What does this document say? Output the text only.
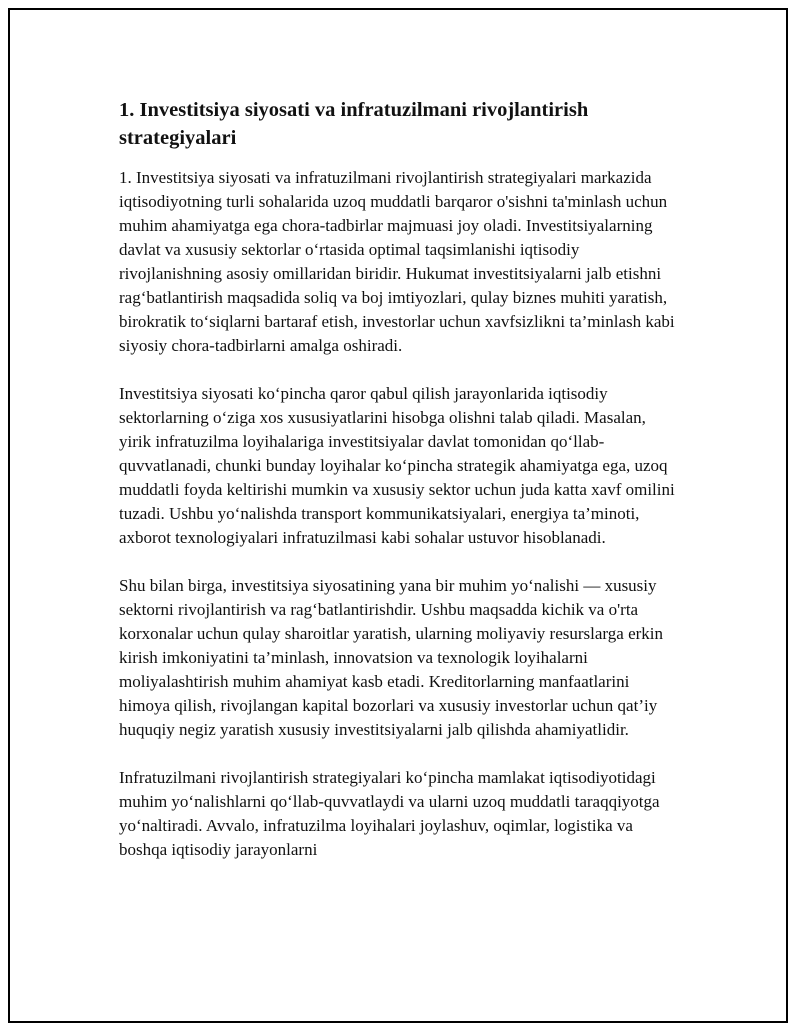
1. Investitsiya siyosati va infratuzilmani rivojlantirish strategiyalari

1. Investitsiya siyosati va infratuzilmani rivojlantirish strategiyalari markazida iqtisodiyotning turli sohalarida uzoq muddatli barqaror o'sishni ta'minlash uchun muhim ahamiyatga ega chora-tadbirlar majmuasi joy oladi. Investitsiyalarning davlat va xususiy sektorlar o‘rtasida optimal taqsimlanishi iqtisodiy rivojlanishning asosiy omillaridan biridir. Hukumat investitsiyalarni jalb etishni rag‘batlantirish maqsadida soliq va boj imtiyozlari, qulay biznes muhiti yaratish, birokratik to‘siqlarni bartaraf etish, investorlar uchun xavfsizlikni ta’minlash kabi siyosiy chora-tadbirlarni amalga oshiradi.

Investitsiya siyosati ko‘pincha qaror qabul qilish jarayonlarida iqtisodiy sektorlarning o‘ziga xos xususiyatlarini hisobga olishni talab qiladi. Masalan, yirik infratuzilma loyihalariga investitsiyalar davlat tomonidan qo‘llab-quvvatlanadi, chunki bunday loyihalar ko‘pincha strategik ahamiyatga ega, uzoq muddatli foyda keltirishi mumkin va xususiy sektor uchun juda katta xavf omilini tuzadi. Ushbu yo‘nalishda transport kommunikatsiyalari, energiya ta’minoti, axborot texnologiyalari infratuzilmasi kabi sohalar ustuvor hisoblanadi.

Shu bilan birga, investitsiya siyosatining yana bir muhim yo‘nalishi — xususiy sektorni rivojlantirish va rag‘batlantirishdir. Ushbu maqsadda kichik va o'rta korxonalar uchun qulay sharoitlar yaratish, ularning moliyaviy resurslarga erkin kirish imkoniyatini ta’minlash, innovatsion va texnologik loyihalarni moliyalashtirish muhim ahamiyat kasb etadi. Kreditorlarning manfaatlarini himoya qilish, rivojlangan kapital bozorlari va xususiy investorlar uchun qat’iy huquqiy negiz yaratish xususiy investitsiyalarni jalb qilishda ahamiyatlidir.

Infratuzilmani rivojlantirish strategiyalari ko‘pincha mamlakat iqtisodiyotidagi muhim yo‘nalishlarni qo‘llab-quvvatlaydi va ularni uzoq muddatli taraqqiyotga yo‘naltiradi. Avvalo, infratuzilma loyihalari joylashuv, oqimlar, logistika va boshqa iqtisodiy jarayonlarni
